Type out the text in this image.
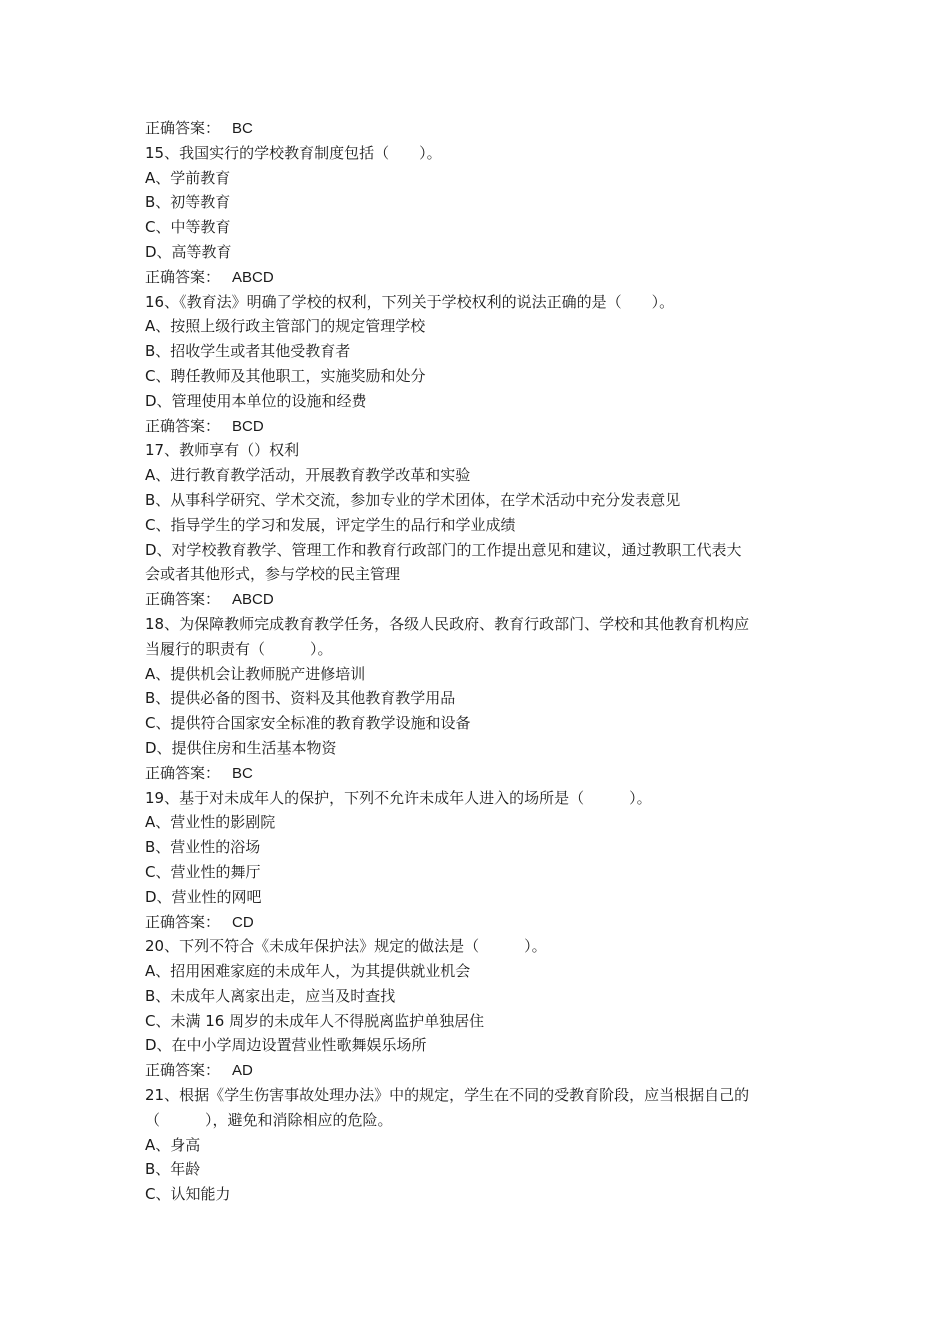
正确答案： BC
15、我国实行的学校教育制度包括（　　）。
A、学前教育
B、初等教育
C、中等教育
D、高等教育
正确答案： ABCD
16、《教育法》明确了学校的权利，下列关于学校权利的说法正确的是（　　）。
A、按照上级行政主管部门的规定管理学校
B、招收学生或者其他受教育者
C、聘任教师及其他职工，实施奖励和处分
D、管理使用本单位的设施和经费
正确答案： BCD
17、教师享有（）权利
A、进行教育教学活动，开展教育教学改革和实验
B、从事科学研究、学术交流，参加专业的学术团体，在学术活动中充分发表意见
C、指导学生的学习和发展，评定学生的品行和学业成绩
D、对学校教育教学、管理工作和教育行政部门的工作提出意见和建议，通过教职工代表大
会或者其他形式，参与学校的民主管理
正确答案： ABCD
18、为保障教师完成教育教学任务，各级人民政府、教育行政部门、学校和其他教育机构应
当履行的职责有（　　　）。
A、提供机会让教师脱产进修培训
B、提供必备的图书、资料及其他教育教学用品
C、提供符合国家安全标准的教育教学设施和设备
D、提供住房和生活基本物资
正确答案： BC
19、基于对未成年人的保护，下列不允许未成年人进入的场所是（　　　）。
A、营业性的影剧院
B、营业性的浴场
C、营业性的舞厅
D、营业性的网吧
正确答案： CD
20、下列不符合《未成年保护法》规定的做法是（　　　）。
A、招用困难家庭的未成年人，为其提供就业机会
B、未成年人离家出走，应当及时查找
C、未满 16 周岁的未成年人不得脱离监护单独居住
D、在中小学周边设置营业性歌舞娱乐场所
正确答案： AD
21、根据《学生伤害事故处理办法》中的规定，学生在不同的受教育阶段，应当根据自己的
（　　　），避免和消除相应的危险。
A、身高
B、年龄
C、认知能力
